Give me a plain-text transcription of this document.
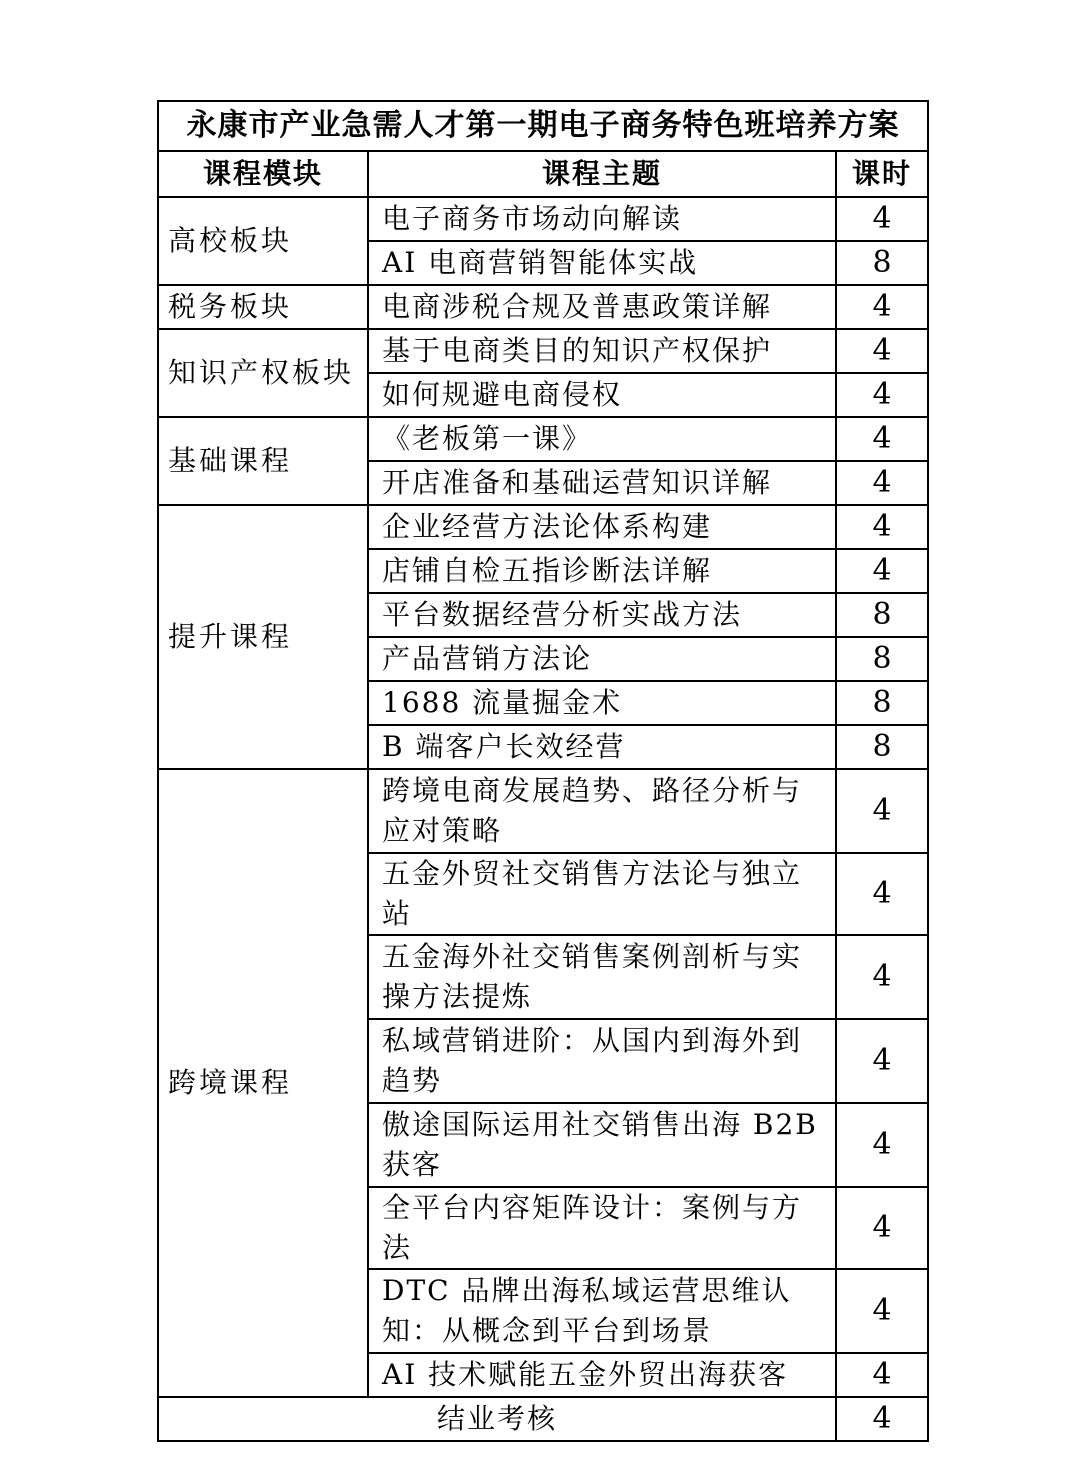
永康市产业急需人才第一期电子商务特色班培养方案		
课程模块	课程主题	课时
高校板块	电子商务市场动向解读	4
	AI 电商营销智能体实战	8
税务板块	电商涉税合规及普惠政策详解	4
知识产权板块	基于电商类目的知识产权保护	4
	如何规避电商侵权	4
基础课程	《老板第一课》	4
	开店准备和基础运营知识详解	4
提升课程	企业经营方法论体系构建	4
	店铺自检五指诊断法详解	4
	平台数据经营分析实战方法	8
	产品营销方法论	8
	1688 流量掘金术	8
	B 端客户长效经营	8
跨境课程	跨境电商发展趋势、路径分析与应对策略	4
	五金外贸社交销售方法论与独立站	4
	五金海外社交销售案例剖析与实操方法提炼	4
	私域营销进阶：从国内到海外到趋势	4
	傲途国际运用社交销售出海 B2B 获客	4
	全平台内容矩阵设计：案例与方法	4
	DTC 品牌出海私域运营思维认知：从概念到平台到场景	4
	AI 技术赋能五金外贸出海获客	4
结业考核		4
